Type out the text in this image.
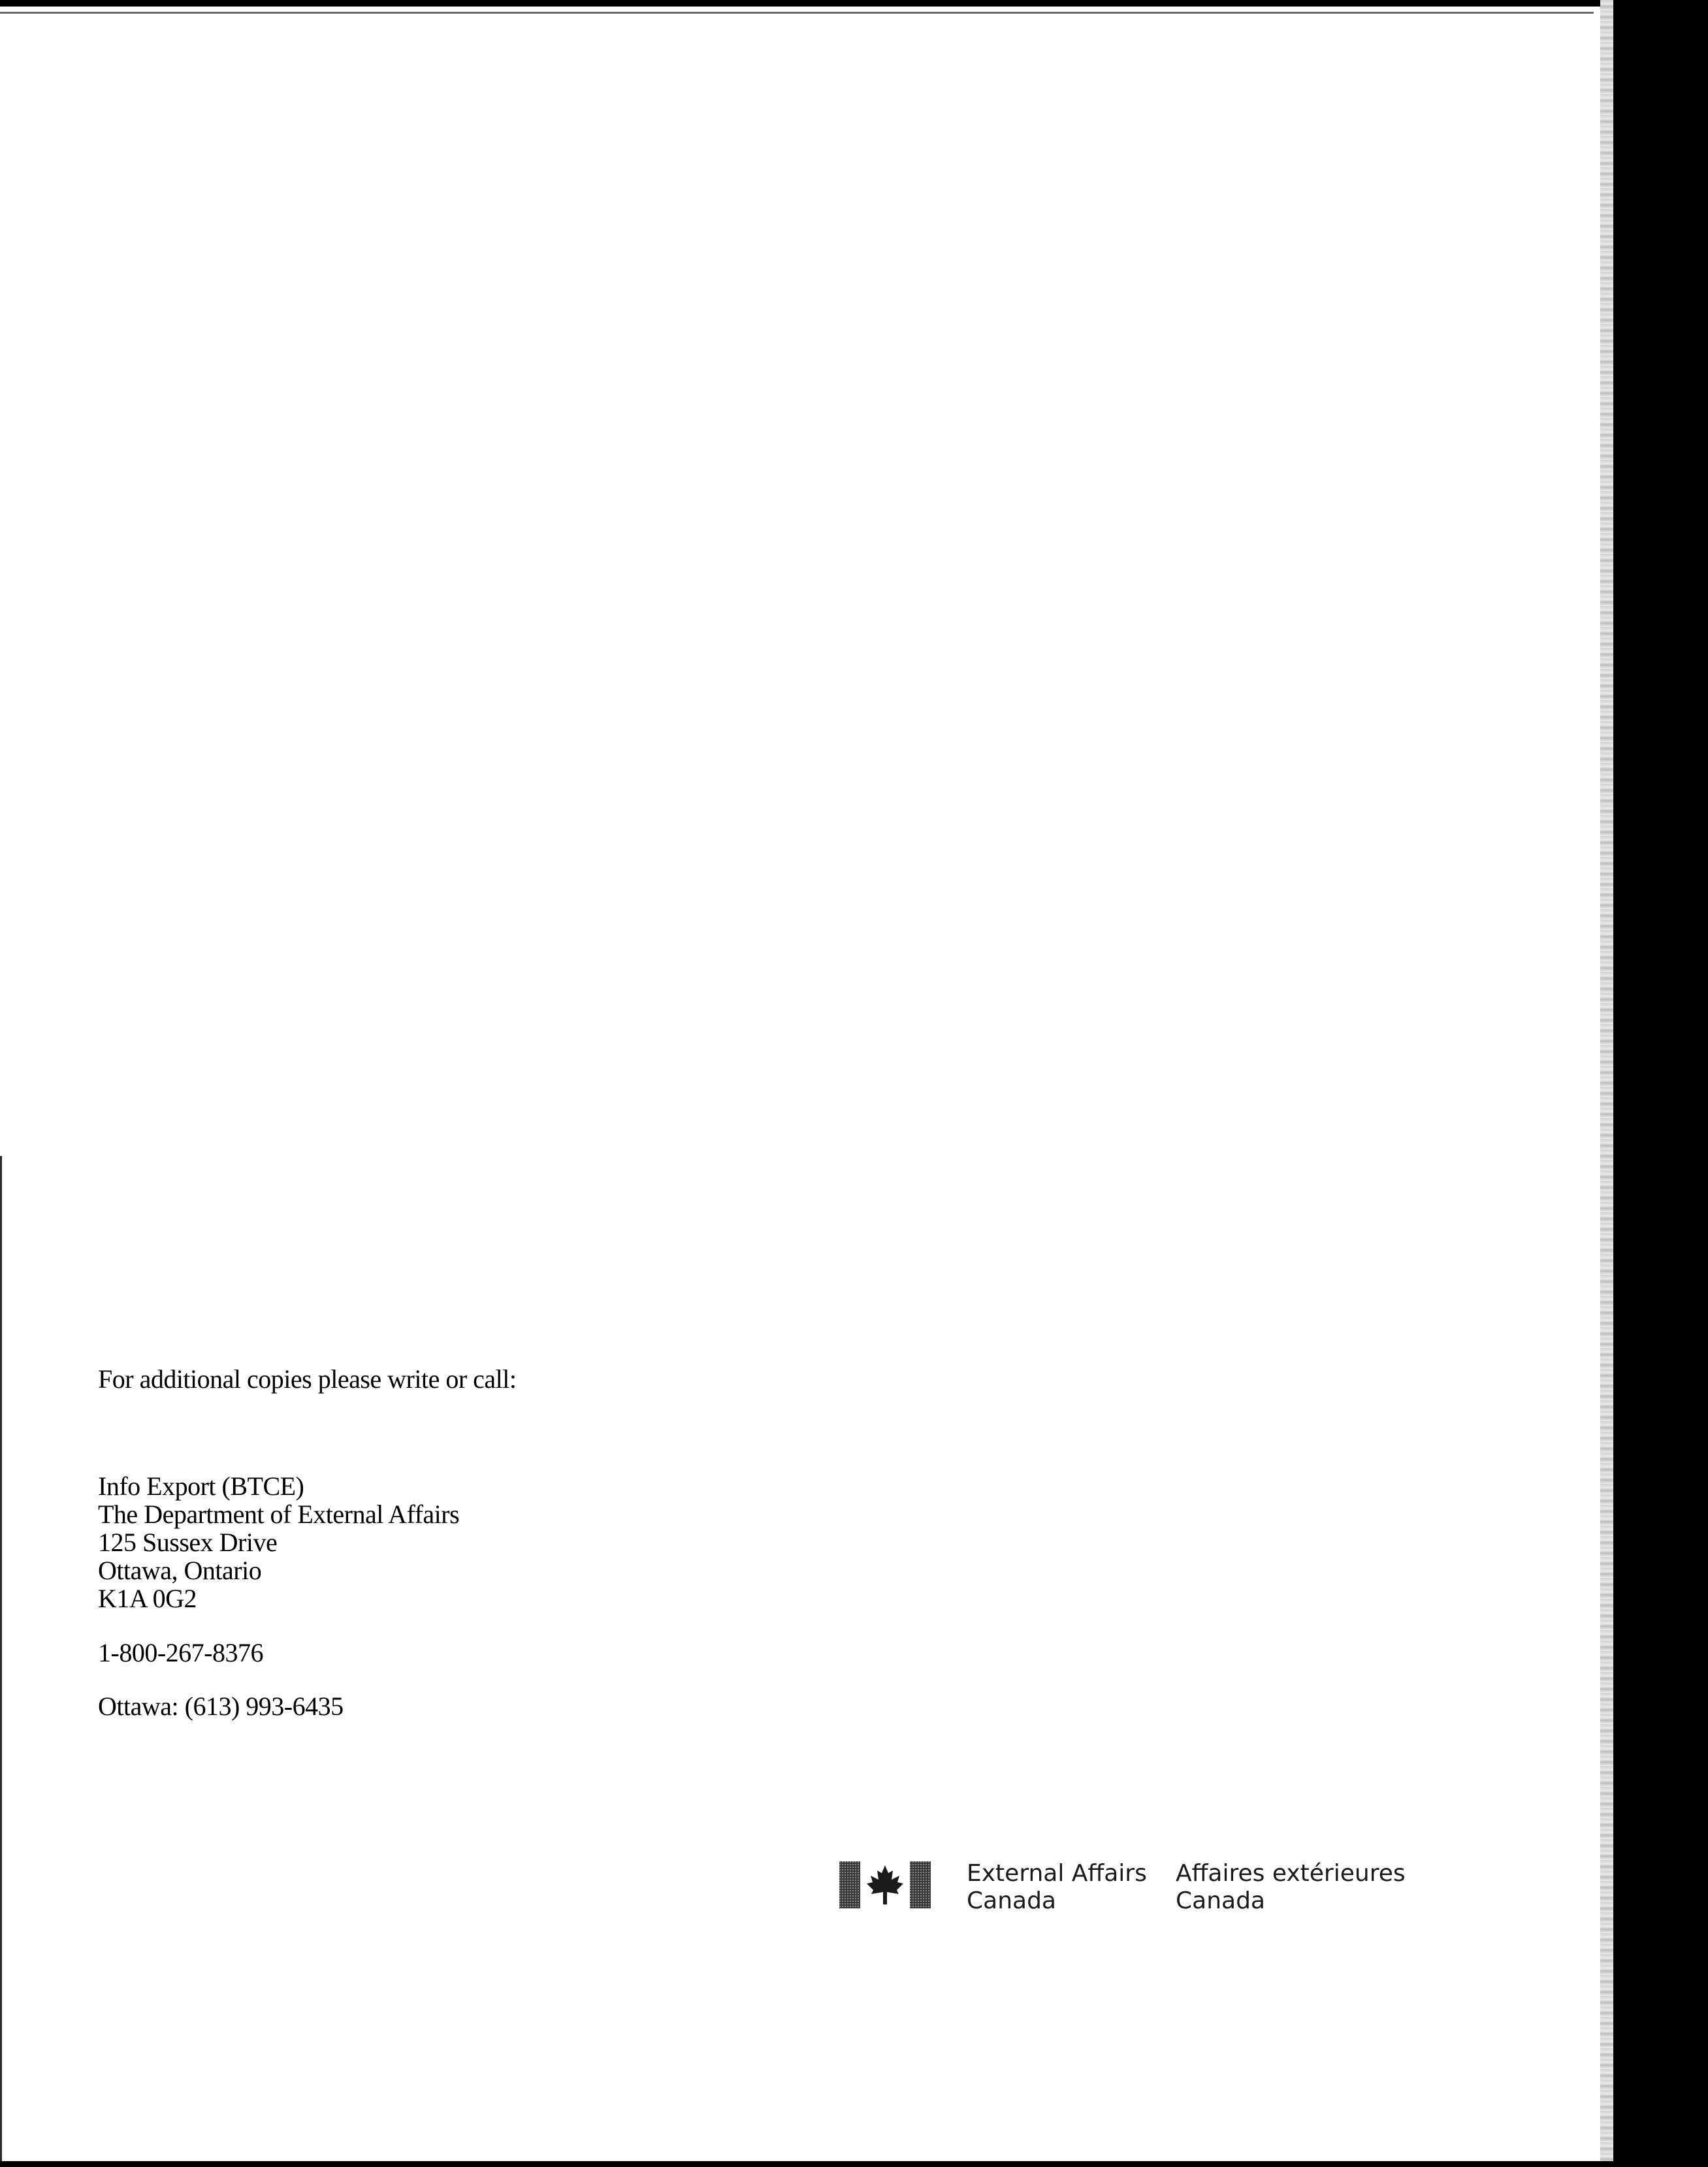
For additional copies please write or call:

Info Export (BTCE)

The Department of External Affairs

125 Sussex Drive

Ottawa, Ontario

K1A 0G2

1-800-267-8376

Ottawa: (613) 993-6435

External Affairs
Canada
Affaires extérieures
Canada
